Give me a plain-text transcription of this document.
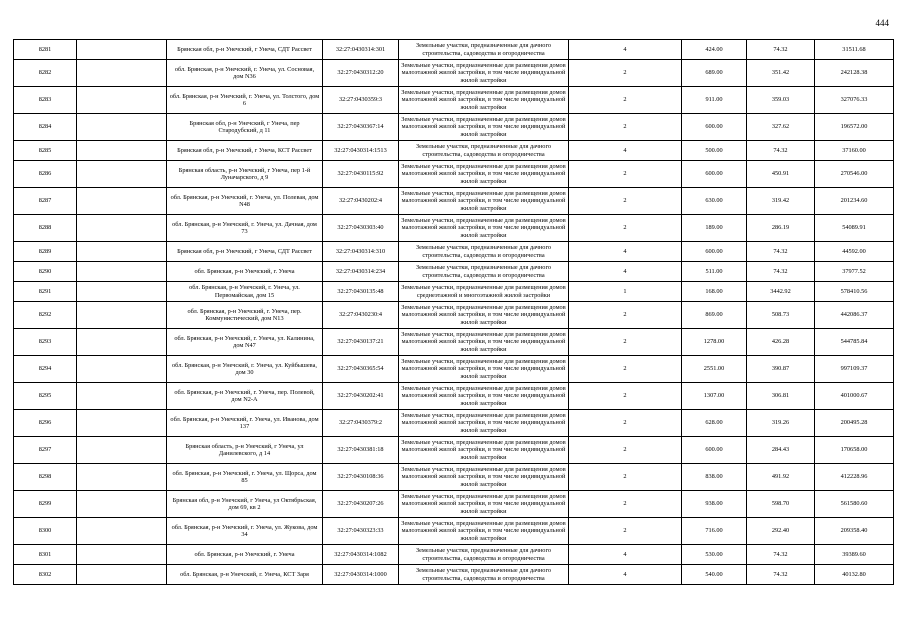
444
8281		Брянская обл, р-н Унечский, г Унеча, СДТ Рассвет	32:27:0430314:301	Земельные участки, предназначенные для дачного строительства, садоводства и огородничества	4	424.00	74.32	31511.68
8282		обл. Брянская, р-н Унечский, г. Унеча, ул. Сосновая, дом N36	32:27:0430312:20	Земельные участки, предназначенные для размещения домов малоэтажной жилой застройки, в том числе индивидуальной жилой застройки	2	689.00	351.42	242128.38
8283		обл. Брянская, р-н Унечский, г. Унеча, ул. Толстого, дом 6	32:27:0430359:3	Земельные участки, предназначенные для размещения домов малоэтажной жилой застройки, в том числе индивидуальной жилой застройки	2	911.00	359.03	327076.33
8284		Брянская обл, р-н Унечский, г Унеча, пер Стародубский, д 11	32:27:0430367:14	Земельные участки, предназначенные для размещения домов малоэтажной жилой застройки, в том числе индивидуальной жилой застройки	2	600.00	327.62	196572.00
8285		Брянская обл, р-н Унечский, г Унеча, КСТ Рассвет	32:27:0430314:1513	Земельные участки, предназначенные для дачного строительства, садоводства и огородничества	4	500.00	74.32	37160.00
8286		Брянская область, р-н Унечский, г Унеча, пер 1-й Луначарского, д 9	32:27:0430115:92	Земельные участки, предназначенные для размещения домов малоэтажной жилой застройки, в том числе индивидуальной жилой застройки	2	600.00	450.91	270546.00
8287		обл. Брянская, р-н Унечский, г. Унеча, ул. Полевая, дом N48	32:27:0430202:4	Земельные участки, предназначенные для размещения домов малоэтажной жилой застройки, в том числе индивидуальной жилой застройки	2	630.00	319.42	201234.60
8288		обл. Брянская, р-н Унечский, г. Унеча, ул. Дачная, дом 73	32:27:0430303:40	Земельные участки, предназначенные для размещения домов малоэтажной жилой застройки, в том числе индивидуальной жилой застройки	2	189.00	286.19	54089.91
8289		Брянская обл, р-н Унечский, г Унеча, СДТ Рассвет	32:27:0430314:310	Земельные участки, предназначенные для дачного строительства, садоводства и огородничества	4	600.00	74.32	44592.00
8290		обл. Брянская, р-н Унечский, г. Унеча	32:27:0430314:234	Земельные участки, предназначенные для дачного строительства, садоводства и огородничества	4	511.00	74.32	37977.52
8291		обл. Брянская, р-н Унечский, г. Унеча, ул. Первомайская, дом 15	32:27:0430135:48	Земельные участки, предназначенные для размещения домов среднеэтажной и многоэтажной жилой застройки	1	168.00	3442.92	578410.56
8292		обл. Брянская, р-н Унечский, г. Унеча, пер. Коммунистический, дом N13	32:27:0430230:4	Земельные участки, предназначенные для размещения домов малоэтажной жилой застройки, в том числе индивидуальной жилой застройки	2	869.00	508.73	442086.37
8293		обл. Брянская, р-н Унечский, г. Унеча, ул. Калинина, дом N47	32:27:0430137:21	Земельные участки, предназначенные для размещения домов малоэтажной жилой застройки, в том числе индивидуальной жилой застройки	2	1278.00	426.28	544785.84
8294		обл. Брянская, р-н Унечский, г. Унеча, ул. Куйбышева, дом 30	32:27:0430365:54	Земельные участки, предназначенные для размещения домов малоэтажной жилой застройки, в том числе индивидуальной жилой застройки	2	2551.00	390.87	997109.37
8295		обл. Брянская, р-н Унечский, г. Унеча, пер. Полевой, дом N2-А	32:27:0430202:41	Земельные участки, предназначенные для размещения домов малоэтажной жилой застройки, в том числе индивидуальной жилой застройки	2	1307.00	306.81	401000.67
8296		обл. Брянская, р-н Унечский, г. Унеча, ул. Иванова, дом 137	32:27:0430379:2	Земельные участки, предназначенные для размещения домов малоэтажной жилой застройки, в том числе индивидуальной жилой застройки	2	628.00	319.26	200495.28
8297		Брянская область, р-н Унечский, г Унеча, ул Данилевского, д 14	32:27:0430381:18	Земельные участки, предназначенные для размещения домов малоэтажной жилой застройки, в том числе индивидуальной жилой застройки	2	600.00	284.43	170658.00
8298		обл. Брянская, р-н Унечский, г. Унеча, ул. Щорса, дом 85	32:27:0430108:36	Земельные участки, предназначенные для размещения домов малоэтажной жилой застройки, в том числе индивидуальной жилой застройки	2	838.00	491.92	412228.96
8299		Брянская обл, р-н Унечский, г Унеча, ул Октябрьская, дом 69, кв 2	32:27:0430207:26	Земельные участки, предназначенные для размещения домов малоэтажной жилой застройки, в том числе индивидуальной жилой застройки	2	938.00	598.70	561580.60
8300		обл. Брянская, р-н Унечский, г. Унеча, ул. Жукова, дом 34	32:27:0430323:33	Земельные участки, предназначенные для размещения домов малоэтажной жилой застройки, в том числе индивидуальной жилой застройки	2	716.00	292.40	209358.40
8301		обл. Брянская, р-н Унечский, г. Унеча	32:27:0430314:1082	Земельные участки, предназначенные для дачного строительства, садоводства и огородничества	4	530.00	74.32	39389.60
8302		обл. Брянская, р-н Унечский, г. Унеча, КСТ Заря	32:27:0430314:1000	Земельные участки, предназначенные для дачного строительства, садоводства и огородничества	4	540.00	74.32	40132.80
